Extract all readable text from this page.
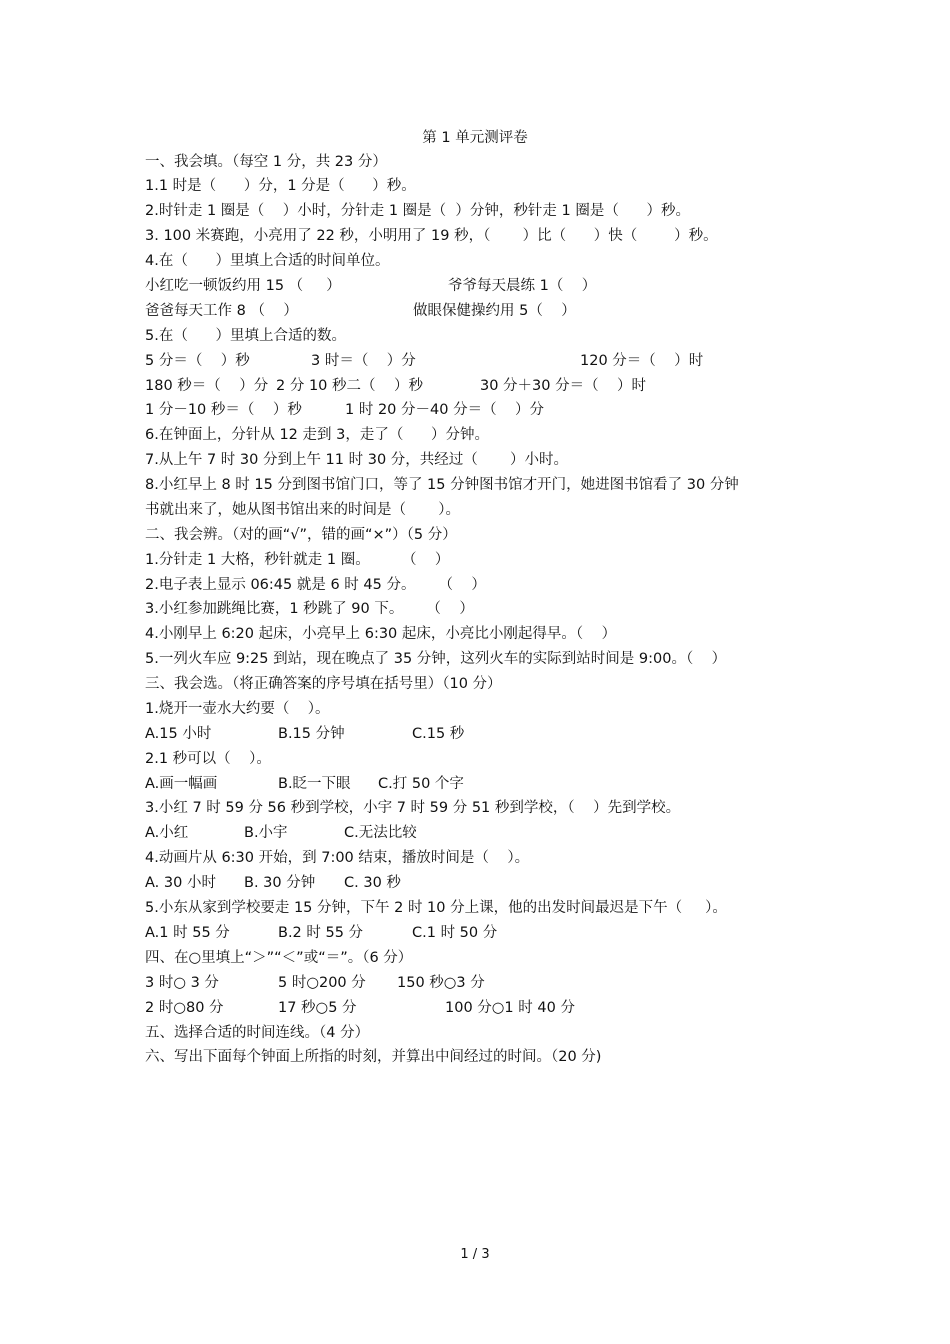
第 1 单元测评卷
一、我会填。（每空 1 分，共 23 分）
1.1 时是（      ）分，1 分是（      ）秒。
2.时针走 1 圈是（    ）小时，分针走 1 圈是（  ）分钟，秒针走 1 圈是（      ）秒。
3. 100 米赛跑，小亮用了 22 秒，小明用了 19 秒，（       ）比（      ）快（        ）秒。
4.在（      ）里填上合适的时间单位。
小红吃一顿饭约用 15 （     ）	爷爷每天晨练 1（    ）
爸爸每天工作 8 （    ）	做眼保健操约用 5（    ）
5.在（      ）里填上合适的数。
5 分＝（    ）秒	3 时＝（    ）分	120 分＝（    ）时
180 秒＝（    ）分 2 分 10 秒二（    ）秒	30 分＋30 分＝（    ）时
1 分－10 秒＝（    ）秒	1 时 20 分－40 分＝（    ）分
6.在钟面上，分针从 12 走到 3，走了（      ）分钟。
7.从上午 7 时 30 分到上午 11 时 30 分，共经过（       ）小时。
8.小红早上 8 时 15 分到图书馆门口，等了 15 分钟图书馆才开门，她进图书馆看了 30 分钟
书就出来了，她从图书馆出来的时间是（       ）。
二、我会辨。（对的画“√”，错的画“×”）（5 分）
1.分针走 1 大格，秒针就走 1 圈。       （    ）
2.电子表上显示 06:45 就是 6 时 45 分。     （    ）
3.小红参加跳绳比赛，1 秒跳了 90 下。     （    ）
4.小刚早上 6:20 起床，小亮早上 6:30 起床，小亮比小刚起得早。（    ）
5.一列火车应 9:25 到站，现在晚点了 35 分钟，这列火车的实际到站时间是 9:00。（    ）
三、我会选。（将正确答案的序号填在括号里）（10 分）
1.烧开一壶水大约要（    ）。
A.15 小时	B.15 分钟	C.15 秒
2.1 秒可以（    ）。
A.画一幅画	B.眨一下眼 C.打 50 个字
3.小红 7 时 59 分 56 秒到学校，小宇 7 时 59 分 51 秒到学校，（    ）先到学校。
A.小红	B.小宇	C.无法比较
4.动画片从 6:30 开始，到 7:00 结束，播放时间是（    ）。
A. 30 小时 B. 30 分钟 C. 30 秒
5.小东从家到学校要走 15 分钟，下午 2 时 10 分上课，他的出发时间最迟是下午（     ）。
A.1 时 55 分	B.2 时 55 分	C.1 时 50 分
四、在○里填上“＞”“＜”或“＝”。（6 分）
3 时○ 3 分	5 时○200 分 150 秒○3 分
2 时○80 分	17 秒○5 分	100 分○1 时 40 分
五、选择合适的时间连线。（4 分）
六、写出下面每个钟面上所指的时刻，并算出中间经过的时间。（20 分)
1 / 3
